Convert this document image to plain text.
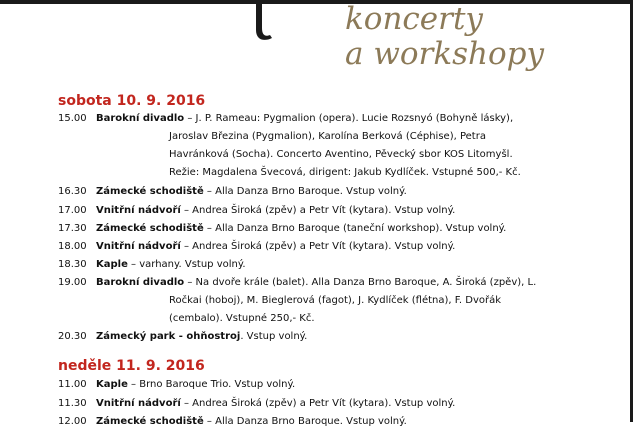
koncerty
a workshopy
sobota 10. 9. 2016
15.00 Barokní divadlo – J. P. Rameau: Pygmalion (opera). Lucie Rozsnyó (Bohyně lásky),
Jaroslav Březina (Pygmalion), Karolína Berková (Céphise), Petra
Havránková (Socha). Concerto Aventino, Pěvecký sbor KOS Litomyšl.
Režie: Magdalena Švecová, dirigent: Jakub Kydlíček. Vstupné 500,- Kč.
16.30 Zámecké schodiště – Alla Danza Brno Baroque. Vstup volný.
17.00 Vnitřní nádvoří – Andrea Široká (zpěv) a Petr Vít (kytara). Vstup volný.
17.30 Zámecké schodiště – Alla Danza Brno Baroque (taneční workshop). Vstup volný.
18.00 Vnitřní nádvoří – Andrea Široká (zpěv) a Petr Vít (kytara). Vstup volný.
18.30 Kaple – varhany. Vstup volný.
19.00 Barokní divadlo – Na dvoře krále (balet). Alla Danza Brno Baroque, A. Široká (zpěv), L.
Ročkai (hoboj), M. Bieglerová (fagot), J. Kydlíček (flétna), F. Dvořák
(cembalo). Vstupné 250,- Kč.
20.30 Zámecký park - ohňostroj. Vstup volný.
neděle 11. 9. 2016
11.00 Kaple – Brno Baroque Trio. Vstup volný.
11.30 Vnitřní nádvoří – Andrea Široká (zpěv) a Petr Vít (kytara). Vstup volný.
12.00 Zámecké schodiště – Alla Danza Brno Baroque. Vstup volný.
